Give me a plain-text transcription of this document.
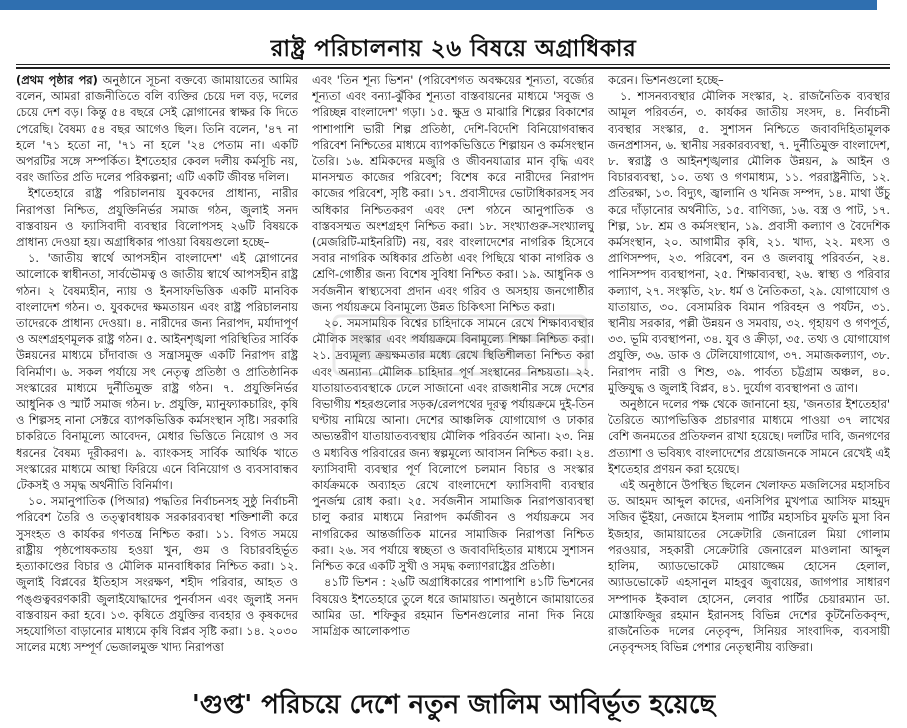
রাষ্ট্র পরিচালনায় ২৬ বিষয়ে অগ্রাধিকার

(প্রথম পৃষ্ঠার পর) অনুষ্ঠানে সূচনা বক্তব্যে জামায়াতের আমির বলেন, আমরা রাজনীতিতে বলি ব্যক্তির চেয়ে দল বড়, দলের চেয়ে দেশ বড়। কিন্তু ৫৪ বছরে সেই স্লোগানের স্বাক্ষর কি দিতে পেরেছি। বৈষম্য ৫৪ বছর আগেও ছিল। তিনি বলেন, '৪৭ না হলে '৭১ হতো না, '৭১ না হলে '২৪ পেতাম না। একটি অপরটির সঙ্গে সম্পর্কিত। ইশতেহার কেবল দলীয় কর্মসূচি নয়, বরং জাতির প্রতি দলের পরিকল্পনা; এটি একটি জীবন্ত দলিল।

ইশতেহারে রাষ্ট্র পরিচালনায় যুবকদের প্রাধান্য, নারীর নিরাপত্তা নিশ্চিত, প্রযুক্তিনির্ভর সমাজ গঠন, জুলাই সনদ বাস্তবায়ন ও ফ্যাসিবাদী ব্যবস্থার বিলোপসহ ২৬টি বিষয়কে প্রাধান্য দেওয়া হয়। অগ্রাধিকার পাওয়া বিষয়গুলো হচ্ছে–

১. 'জাতীয় স্বার্থে আপসহীন বাংলাদেশ' এই স্লোগানের আলোকে স্বাধীনতা, সার্বভৌমত্ব ও জাতীয় স্বার্থে আপসহীন রাষ্ট্র গঠন। ২ বৈষম্যহীন, ন্যায় ও ইনসাফভিত্তিক একটি মানবিক বাংলাদেশ গঠন। ৩. যুবকদের ক্ষমতায়ন এবং রাষ্ট্র পরিচালনায় তাদেরকে প্রাধান্য দেওয়া। ৪. নারীদের জন্য নিরাপদ, মর্যাদাপূর্ণ ও অংশগ্রহণমূলক রাষ্ট্র গঠন। ৫. আইনশৃঙ্খলা পরিস্থিতির সার্বিক উন্নয়নের মাধ্যমে চাঁদাবাজ ও সন্ত্রাসমুক্ত একটি নিরাপদ রাষ্ট্র বিনির্মাণ। ৬. সকল পর্যায়ে সৎ নেতৃত্ব প্রতিষ্ঠা ও প্রাতিষ্ঠানিক সংস্কারের মাধ্যমে দুর্নীতিমুক্ত রাষ্ট্র গঠন। ৭. প্রযুক্তিনির্ভর আধুনিক ও স্মার্ট সমাজ গঠন। ৮. প্রযুক্তি, ম্যানুফ্যাকচারিং, কৃষি ও শিল্পসহ নানা সেক্টরে ব্যাপকভিত্তিক কর্মসংস্থান সৃষ্টি। সরকারি চাকরিতে বিনামূল্যে আবেদন, মেধার ভিত্তিতে নিয়োগ ও সব ধরনের বৈষম্য দূরীকরণ। ৯. ব্যাংকসহ সার্বিক আর্থিক খাতে সংস্কারের মাধ্যমে আস্থা ফিরিয়ে এনে বিনিয়োগ ও ব্যবসাবান্ধব টেকসই ও সমৃদ্ধ অর্থনীতি বিনির্মাণ।

১০. সমানুপাতিক (পিআর) পদ্ধতির নির্বাচনসহ সুষ্ঠু নির্বাচনী পরিবেশ তৈরি ও তত্ত্বাবধায়ক সরকারব্যবস্থা শক্তিশালী করে সুসংহত ও কার্যকর গণতন্ত্র নিশ্চিত করা। ১১. বিগত সময়ে রাষ্ট্রীয় পৃষ্ঠপোষকতায় হওয়া খুন, গুম ও বিচারবহির্ভূত হত্যাকাণ্ডের বিচার ও মৌলিক মানবাধিকার নিশ্চিত করা। ১২. জুলাই বিপ্লবের ইতিহাস সংরক্ষণ, শহীদ পরিবার, আহত ও পঙ্গুত্ববরণকারী জুলাইযোদ্ধাদের পুনর্বাসন এবং জুলাই সনদ বাস্তবায়ন করা হবে। ১৩. কৃষিতে প্রযুক্তির ব্যবহার ও কৃষকদের সহযোগিতা বাড়ানোর মাধ্যমে কৃষি বিপ্লব সৃষ্টি করা। ১৪. ২০৩০ সালের মধ্যে সম্পূর্ণ ভেজালমুক্ত খাদ্য নিরাপত্তা

এবং 'তিন শূন্য ভিশন' (পরিবেশগত অবক্ষয়ের শূন্যতা, বর্জ্যের শূন্যতা এবং বন্যা-ঝুঁকির শূন্যতা বাস্তবায়নের মাধ্যমে 'সবুজ ও পরিচ্ছন্ন বাংলাদেশ' গড়া। ১৫. ক্ষুদ্র ও মাঝারি শিল্পের বিকাশের পাশাপাশি ভারী শিল্প প্রতিষ্ঠা, দেশি-বিদেশি বিনিয়োগবান্ধব পরিবেশ নিশ্চিতের মাধ্যমে ব্যাপকভিত্তিতে শিল্পায়ন ও কর্মসংস্থান তৈরি। ১৬. শ্রমিকদের মজুরি ও জীবনযাত্রার মান বৃদ্ধি এবং মানসম্মত কাজের পরিবেশ; বিশেষ করে নারীদের নিরাপদ কাজের পরিবেশ, সৃষ্টি করা। ১৭. প্রবাসীদের ভোটাধিকারসহ সব অধিকার নিশ্চিতকরণ এবং দেশ গঠনে আনুপাতিক ও বাস্তবসম্মত অংশগ্রহণ নিশ্চিত করা। ১৮. সংখ্যাগুরু-সংখ্যালঘু (মেজরিটি-মাইনরিটি) নয়, বরং বাংলাদেশের নাগরিক হিসেবে সবার নাগরিক অধিকার প্রতিষ্ঠা এবং পিছিয়ে থাকা নাগরিক ও শ্রেণি-গোষ্ঠীর জন্য বিশেষ সুবিধা নিশ্চিত করা। ১৯. আধুনিক ও সর্বজনীন স্বাস্থ্যসেবা প্রদান এবং গরিব ও অসহায় জনগোষ্ঠীর জন্য পর্যায়ক্রমে বিনামূল্যে উন্নত চিকিৎসা নিশ্চিত করা।

২০. সমসাময়িক বিশ্বের চাহিদাকে সামনে রেখে শিক্ষাব্যবস্থার মৌলিক সংস্কার এবং পর্যায়ক্রমে বিনামূল্যে শিক্ষা নিশ্চিত করা। ২১. দ্রব্যমূল্য ক্রয়ক্ষমতার মধ্যে রেখে স্থিতিশীলতা নিশ্চিত করা এবং অন্যান্য মৌলিক চাহিদার পূর্ণ সংস্থানের নিশ্চয়তা। ২২. যাতায়াতব্যবস্থাকে ঢেলে সাজানো এবং রাজধানীর সঙ্গে দেশের বিভাগীয় শহরগুলোর সড়ক/রেলপথের দূরত্ব পর্যায়ক্রমে দুই-তিন ঘণ্টায় নামিয়ে আনা। দেশের আঞ্চলিক যোগাযোগ ও ঢাকার অভ্যন্তরীণ যাতায়াতব্যবস্থায় মৌলিক পরিবর্তন আনা। ২৩. নিম্ন ও মধ্যবিত্ত পরিবারের জন্য স্বল্পমূল্যে আবাসন নিশ্চিত করা। ২৪. ফ্যাসিবাদী ব্যবস্থার পূর্ণ বিলোপে চলমান বিচার ও সংস্কার কার্যক্রমকে অব্যাহত রেখে বাংলাদেশে ফ্যাসিবাদী ব্যবস্থার পুনর্জন্ম রোধ করা। ২৫. সর্বজনীন সামাজিক নিরাপত্তাব্যবস্থা চালু করার মাধ্যমে নিরাপদ কর্মজীবন ও পর্যায়ক্রমে সব নাগরিকের আন্তর্জাতিক মানের সামাজিক নিরাপত্তা নিশ্চিত করা। ২৬. সব পর্যায়ে স্বচ্ছতা ও জবাবদিহিতার মাধ্যমে সুশাসন নিশ্চিত করে একটি সুখী ও সমৃদ্ধ কল্যাণরাষ্ট্রের প্রতিষ্ঠা।

৪১টি ভিশন : ২৬টি অগ্রাধিকারের পাশাপাশি ৪১টি ভিশনের বিষয়েও ইশতেহারে তুলে ধরে জামায়াত। অনুষ্ঠানে জামায়াতের আমির ডা. শফিকুর রহমান ভিশনগুলোর নানা দিক নিয়ে সামগ্রিক আলোকপাত

করেন। ভিশনগুলো হচ্ছে–

১. শাসনব্যবস্থার মৌলিক সংস্কার, ২. রাজনৈতিক ব্যবস্থার আমূল পরিবর্তন, ৩. কার্যকর জাতীয় সংসদ, ৪. নির্বাচনী ব্যবস্থার সংস্কার, ৫. সুশাসন নিশ্চিতে জবাবদিহিতামূলক জনপ্রশাসন, ৬. স্থানীয় সরকারব্যবস্থা, ৭. দুর্নীতিমুক্ত বাংলাদেশ, ৮. স্বরাষ্ট্র ও আইনশৃঙ্খলার মৌলিক উন্নয়ন, ৯ আইন ও বিচারব্যবস্থা, ১০. তথ্য ও গণমাধ্যম, ১১. পররাষ্ট্রনীতি, ১২. প্রতিরক্ষা, ১৩. বিদ্যুৎ, জ্বালানি ও খনিজ সম্পদ, ১৪. মাথা উঁচু করে দাঁড়ানোর অর্থনীতি, ১৫. বাণিজ্য, ১৬. বস্ত্র ও পাট, ১৭. শিল্প, ১৮. শ্রম ও কর্মসংস্থান, ১৯. প্রবাসী কল্যাণ ও বৈদেশিক কর্মসংস্থান, ২০. আগামীর কৃষি, ২১. খাদ্য, ২২. মৎস্য ও প্রাণিসম্পদ, ২৩. পরিবেশ, বন ও জলবায়ু পরিবর্তন, ২৪. পানিসম্পদ ব্যবস্থাপনা, ২৫. শিক্ষাব্যবস্থা, ২৬. স্বাস্থ্য ও পরিবার কল্যাণ, ২৭. সংস্কৃতি, ২৮. ধর্ম ও নৈতিকতা, ২৯. যোগাযোগ ও যাতায়াত, ৩০. বেসামরিক বিমান পরিবহন ও পর্যটন, ৩১. স্থানীয় সরকার, পল্লী উন্নয়ন ও সমবায়, ৩২. গৃহায়ণ ও গণপূর্ত, ৩৩. ভূমি ব্যবস্থাপনা, ৩৪. যুব ও ক্রীড়া, ৩৫. তথ্য ও যোগাযোগ প্রযুক্তি, ৩৬. ডাক ও টেলিযোগাযোগ, ৩৭. সমাজকল্যাণ, ৩৮. নিরাপদ নারী ও শিশু, ৩৯. পার্বত্য চট্টগ্রাম অঞ্চল, ৪০. মুক্তিযুদ্ধ ও জুলাই বিপ্লব, ৪১. দুর্যোগ ব্যবস্থাপনা ও ত্রাণ।

অনুষ্ঠানে দলের পক্ষ থেকে জানানো হয়, 'জনতার ইশতেহার' তৈরিতে অ্যাপভিত্তিক প্রচারণার মাধ্যমে পাওয়া ৩৭ লাখের বেশি জনমতের প্রতিফলন রাখা হয়েছে। দলটির দাবি, জনগণের প্রত্যাশা ও ভবিষ্যৎ বাংলাদেশের প্রয়োজনকে সামনে রেখেই এই ইশতেহার প্রণয়ন করা হয়েছে।

এই অনুষ্ঠানে উপস্থিত ছিলেন খেলাফত মজলিসের মহাসচিব ড. আহমদ আব্দুল কাদের, এনসিপির মুখপাত্র আসিফ মাহমুদ সজিব ভূঁইয়া, নেজামে ইসলাম পার্টির মহাসচিব মুফতি মুসা বিন ইজহার, জামায়াতের সেক্রেটারি জেনারেল মিয়া গোলাম পরওয়ার, সহকারী সেক্রেটারি জেনারেল মাওলানা আব্দুল হালিম, অ্যাডভোকেট মোয়াজ্জেম হোসেন হেলাল, অ্যাডভোকেট এহসানুল মাহবুব জুবায়ের, জাগপার সাধারণ সম্পাদক ইকবাল হোসেন, লেবার পার্টির চেয়ারম্যান ডা. মোস্তাফিজুর রহমান ইরানসহ বিভিন্ন দেশের কূটনৈতিকবৃন্দ, রাজনৈতিক দলের নেতৃবৃন্দ, সিনিয়র সাংবাদিক, ব্যবসায়ী নেতৃবৃন্দসহ বিভিন্ন পেশার নেতৃস্থানীয় ব্যক্তিরা।

'গুপ্ত' পরিচয়ে দেশে নতুন জালিম আবির্ভূত হয়েছে
